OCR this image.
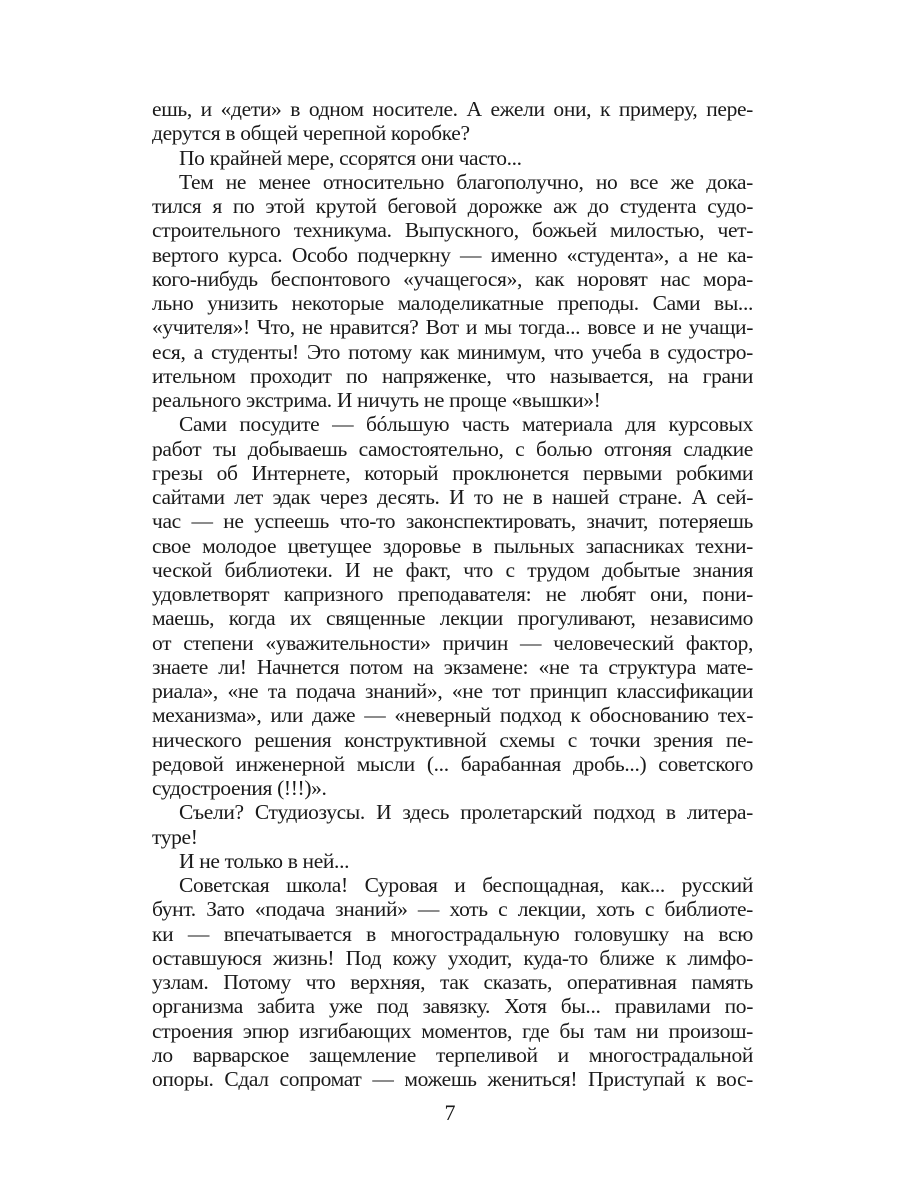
ешь, и «дети» в одном носителе. А ежели они, к примеру, пере-
дерутся в общей черепной коробке?
По крайней мере, ссорятся они часто...
Тем не менее относительно благополучно, но все же дока-
тился я по этой крутой беговой дорожке аж до студента судо-
строительного техникума. Выпускного, божьей милостью, чет-
вертого курса. Особо подчеркну — именно «студента», а не ка-
кого-нибудь беспонтового «учащегося», как норовят нас мора-
льно унизить некоторые малоделикатные преподы. Сами вы...
«учителя»! Что, не нравится? Вот и мы тогда... вовсе и не учащи-
еся, а студенты! Это потому как минимум, что учеба в судостро-
ительном проходит по напряженке, что называется, на грани
реального экстрима. И ничуть не проще «вышки»!
Сами посудите — бóльшую часть материала для курсовых
работ ты добываешь самостоятельно, с болью отгоняя сладкие
грезы об Интернете, который проклюнется первыми робкими
сайтами лет эдак через десять. И то не в нашей стране. А сей-
час — не успеешь что-то законспектировать, значит, потеряешь
свое молодое цветущее здоровье в пыльных запасниках техни-
ческой библиотеки. И не факт, что с трудом добытые знания
удовлетворят капризного преподавателя: не любят они, пони-
маешь, когда их священные лекции прогуливают, независимо
от степени «уважительности» причин — человеческий фактор,
знаете ли! Начнется потом на экзамене: «не та структура мате-
риала», «не та подача знаний», «не тот принцип классификации
механизма», или даже — «неверный подход к обоснованию тех-
нического решения конструктивной схемы с точки зрения пе-
редовой инженерной мысли (... барабанная дробь...) советского
судостроения (!!!)».
Съели? Студиозусы. И здесь пролетарский подход в литера-
туре!
И не только в ней...
Советская школа! Суровая и беспощадная, как... русский
бунт. Зато «подача знаний» — хоть с лекции, хоть с библиоте-
ки — впечатывается в многострадальную головушку на всю
оставшуюся жизнь! Под кожу уходит, куда-то ближе к лимфо-
узлам. Потому что верхняя, так сказать, оперативная память
организма забита уже под завязку. Хотя бы... правилами по-
строения эпюр изгибающих моментов, где бы там ни произош-
ло варварское защемление терпеливой и многострадальной
опоры. Сдал сопромат — можешь жениться! Приступай к вос-
7
